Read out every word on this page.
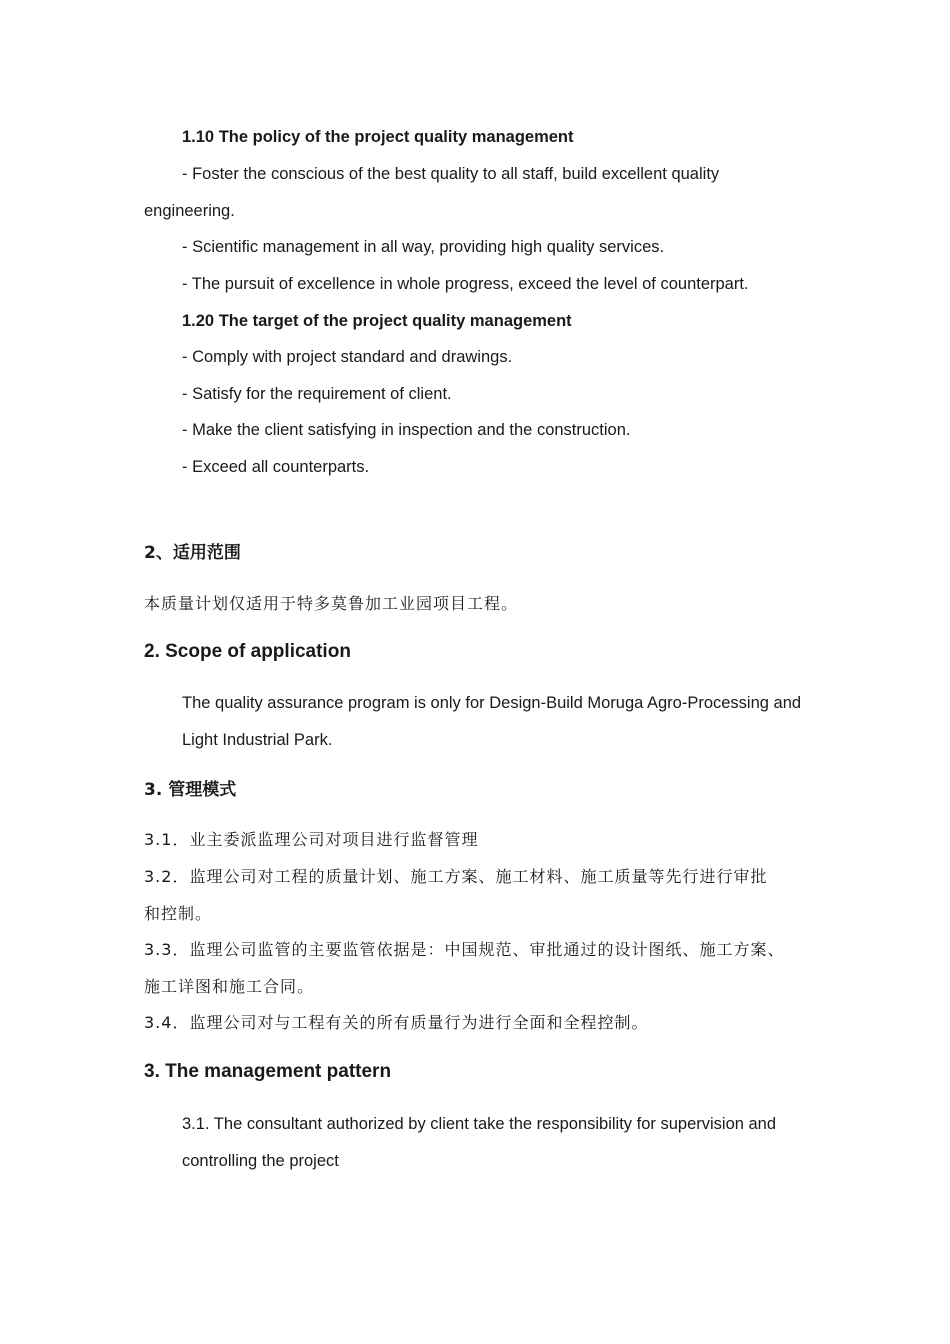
1.10 The policy of the project quality management
- Foster the conscious of the best quality to all staff, build excellent quality
engineering.
- Scientific management in all way, providing high quality services.
- The pursuit of excellence in whole progress, exceed the level of counterpart.
1.20 The target of the project quality management
- Comply with project standard and drawings.
- Satisfy for the requirement of client.
- Make the client satisfying in inspection and the construction.
- Exceed all counterparts.
2、适用范围
本质量计划仅适用于特多莫鲁加工业园项目工程。
2. Scope of application
The quality assurance program is only for Design-Build Moruga Agro-Processing and
Light Industrial Park.
3. 管理模式
3.1．业主委派监理公司对项目进行监督管理
3.2．监理公司对工程的质量计划、施工方案、施工材料、施工质量等先行进行审批
和控制。
3.3．监理公司监管的主要监管依据是：中国规范、审批通过的设计图纸、施工方案、
施工详图和施工合同。
3.4．监理公司对与工程有关的所有质量行为进行全面和全程控制。
3. The management pattern
3.1. The consultant authorized by client take the responsibility for supervision and
controlling the project
